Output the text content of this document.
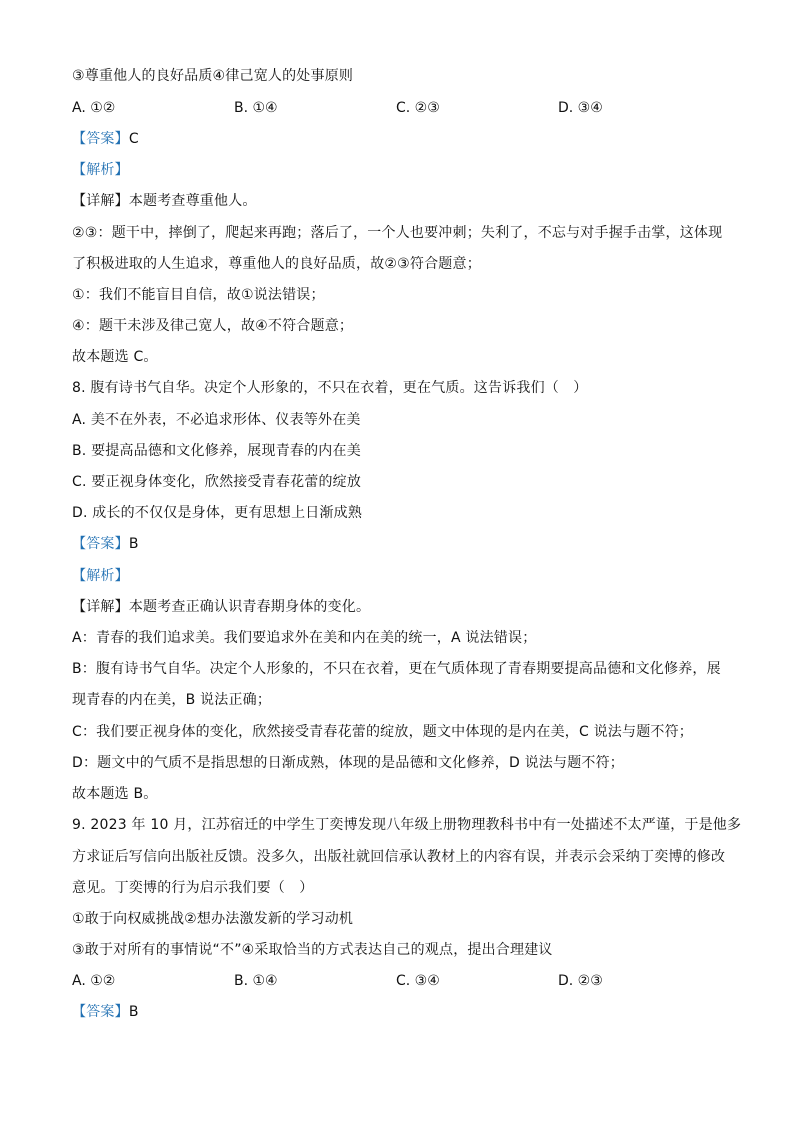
③尊重他人的良好品质④律己宽人的处事原则
A. ①②	B. ①④	C. ②③	D. ③④
【答案】C
【解析】
【详解】本题考查尊重他人。
②③：题干中，摔倒了，爬起来再跑；落后了，一个人也要冲刺；失利了，不忘与对手握手击掌，这体现
了积极进取的人生追求，尊重他人的良好品质，故②③符合题意；
①：我们不能盲目自信，故①说法错误；
④：题干未涉及律己宽人，故④不符合题意；
故本题选 C。
8. 腹有诗书气自华。决定个人形象的，不只在衣着，更在气质。这告诉我们（　）
A. 美不在外表，不必追求形体、仪表等外在美
B. 要提高品德和文化修养，展现青春的内在美
C. 要正视身体变化，欣然接受青春花蕾的绽放
D. 成长的不仅仅是身体，更有思想上日渐成熟
【答案】B
【解析】
【详解】本题考查正确认识青春期身体的变化。
A：青春的我们追求美。我们要追求外在美和内在美的统一，A 说法错误；
B：腹有诗书气自华。决定个人形象的，不只在衣着，更在气质体现了青春期要提高品德和文化修养，展
现青春的内在美，B 说法正确；
C：我们要正视身体的变化，欣然接受青春花蕾的绽放，题文中体现的是内在美，C 说法与题不符；
D：题文中的气质不是指思想的日渐成熟，体现的是品德和文化修养，D 说法与题不符；
故本题选 B。
9. 2023 年 10 月，江苏宿迁的中学生丁奕博发现八年级上册物理教科书中有一处描述不太严谨，于是他多
方求证后写信向出版社反馈。没多久，出版社就回信承认教材上的内容有误，并表示会采纳丁奕博的修改
意见。丁奕博的行为启示我们要（　）
①敢于向权威挑战②想办法激发新的学习动机
③敢于对所有的事情说“不”④采取恰当的方式表达自己的观点，提出合理建议
A. ①②	B. ①④	C. ③④	D. ②③
【答案】B
